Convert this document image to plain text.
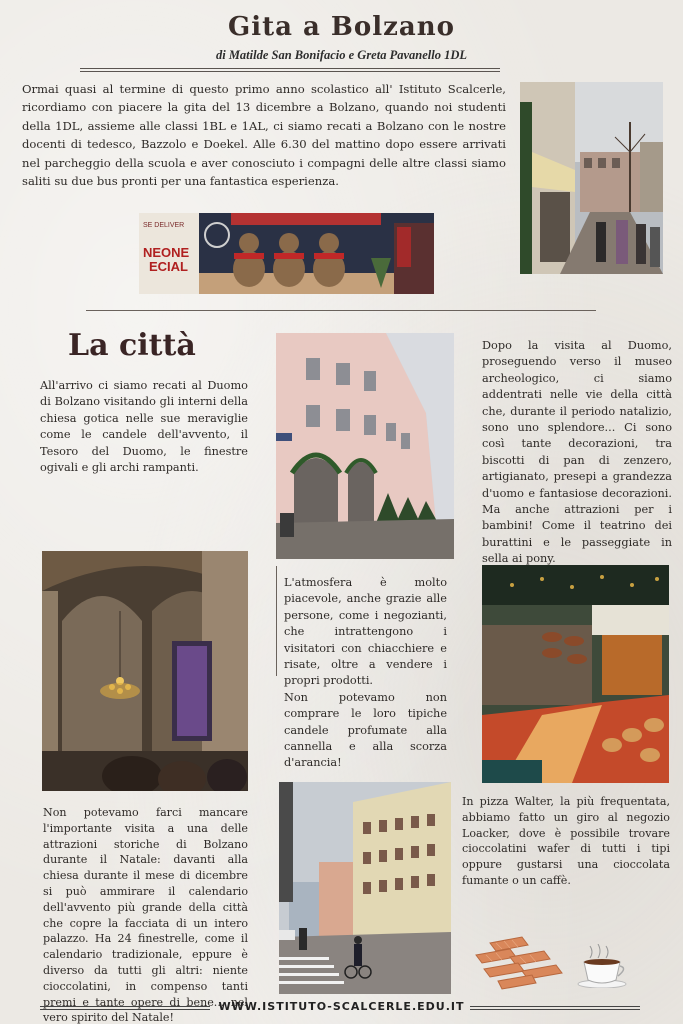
Gita a Bolzano
di Matilde San Bonifacio e Greta Pavanello 1DL

Ormai quasi al termine di questo primo anno scolastico all' Istituto Scalcerle, ricordiamo con piacere la gita del 13 dicembre a Bolzano, quando noi studenti della 1DL, assieme alle classi 1BL e 1AL, ci siamo recati a Bolzano con le nostre docenti di tedesco, Bazzolo e Doekel. Alle 6.30 del mattino dopo essere arrivati nel parcheggio della scuola e aver conosciuto i compagni delle altre classi siamo saliti su due bus pronti per una fantastica esperienza.

SE DELIVER
NEONE
ECIAL
La città

All'arrivo ci siamo recati al Duomo di Bolzano visitando gli interni della chiesa gotica nelle sue meraviglie come le candele dell'avvento, il Tesoro del Duomo, le finestre ogivali e gli archi rampanti.

Dopo la visita al Duomo, proseguendo verso il museo archeologico, ci siamo addentrati nelle vie della città che, durante il periodo natalizio, sono uno splendore... Ci sono così tante decorazioni, tra biscotti di pan di zenzero, artigianato, presepi a grandezza d'uomo e fantasiose decorazioni. Ma anche attrazioni per i bambini! Come il teatrino dei burattini e le passeggiate in sella ai pony.

L'atmosfera è molto piacevole, anche grazie alle persone, come i negozianti, che intrattengono i visitatori con chiacchiere e risate, oltre a vendere i propri prodotti.

Non potevamo non comprare le loro tipiche candele profumate alla cannella e alla scorza d'arancia!

Non potevamo farci mancare l'importante visita a una delle attrazioni storiche di Bolzano durante il Natale: davanti alla chiesa durante il mese di dicembre si può ammirare il calendario dell'avvento più grande della città che copre la facciata di un intero palazzo. Ha 24 finestrelle, come il calendario tradizionale, eppure è diverso da tutti gli altri: niente cioccolatini, in compenso tanti premi e tante opere di bene... nel vero spirito del Natale!

In pizza Walter, la più frequentata, abbiamo fatto un giro al negozio Loacker, dove è possibile trovare cioccolatini wafer di tutti i tipi oppure gustarsi una cioccolata fumante o un caffè.

WWW.ISTITUTO-SCALCERLE.EDU.IT
